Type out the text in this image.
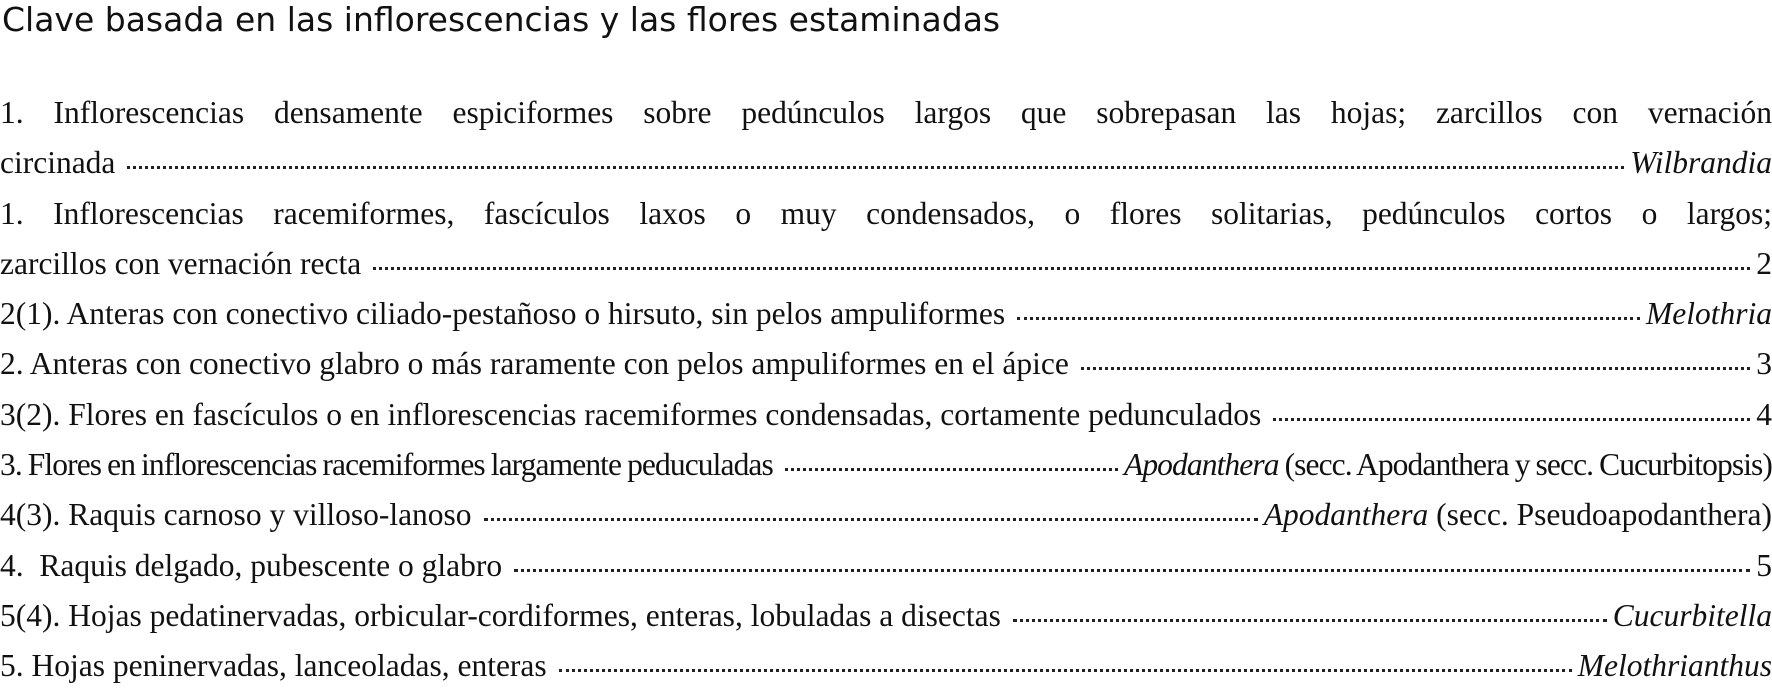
Clave basada en las inflorescencias y las flores estaminadas
1. Inflorescencias densamente espiciformes sobre pedúnculos largos que sobrepasan las hojas; zarcillos con vernación
circinada	Wilbrandia
1. Inflorescencias racemiformes, fascículos laxos o muy condensados, o flores solitarias, pedúnculos cortos o largos;
zarcillos con vernación recta	2
2(1). Anteras con conectivo ciliado-pestañoso o hirsuto, sin pelos ampuliformes	Melothria
2. Anteras con conectivo glabro o más raramente con pelos ampuliformes en el ápice	3
3(2). Flores en fascículos o en inflorescencias racemiformes condensadas, cortamente pedunculados	4
3. Flores en inflorescencias racemiformes largamente peduculadas	Apodanthera (secc. Apodanthera y secc. Cucurbitopsis)
4(3). Raquis carnoso y villoso-lanoso	Apodanthera (secc. Pseudoapodanthera)
4.  Raquis delgado, pubescente o glabro	5
5(4). Hojas pedatinervadas, orbicular-cordiformes, enteras, lobuladas a disectas	Cucurbitella
5. Hojas peninervadas, lanceoladas, enteras	Melothrianthus
